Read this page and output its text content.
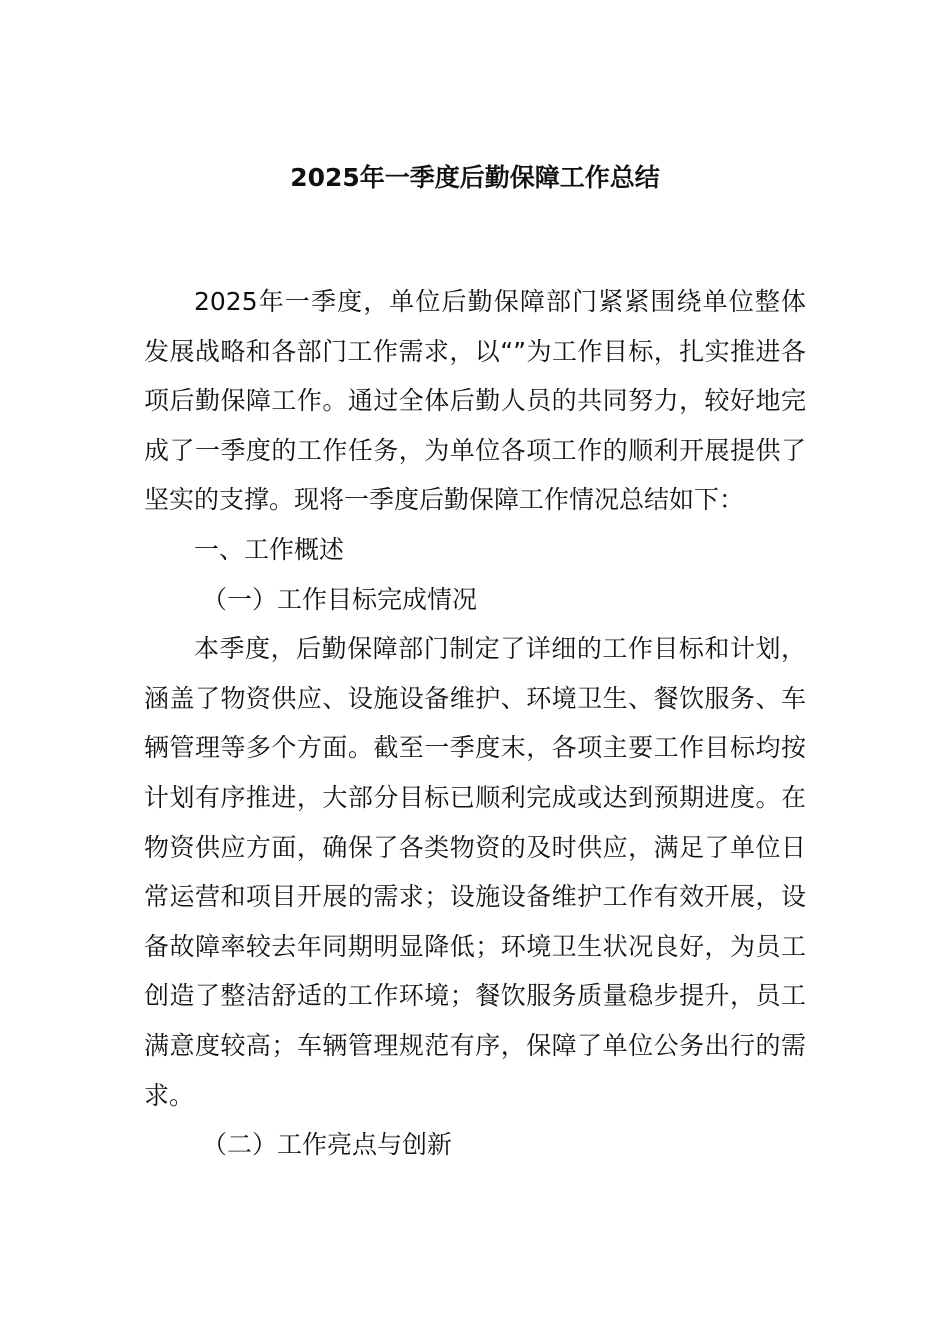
2025年一季度后勤保障工作总结

2025年一季度，单位后勤保障部门紧紧围绕单位整体发展战略和各部门工作需求，以“”为工作目标，扎实推进各项后勤保障工作。通过全体后勤人员的共同努力，较好地完成了一季度的工作任务，为单位各项工作的顺利开展提供了坚实的支撑。现将一季度后勤保障工作情况总结如下：

一、工作概述

（一）工作目标完成情况

本季度，后勤保障部门制定了详细的工作目标和计划，涵盖了物资供应、设施设备维护、环境卫生、餐饮服务、车辆管理等多个方面。截至一季度末，各项主要工作目标均按计划有序推进，大部分目标已顺利完成或达到预期进度。在物资供应方面，确保了各类物资的及时供应，满足了单位日常运营和项目开展的需求；设施设备维护工作有效开展，设备故障率较去年同期明显降低；环境卫生状况良好，为员工创造了整洁舒适的工作环境；餐饮服务质量稳步提升，员工满意度较高；车辆管理规范有序，保障了单位公务出行的需求。

（二）工作亮点与创新
